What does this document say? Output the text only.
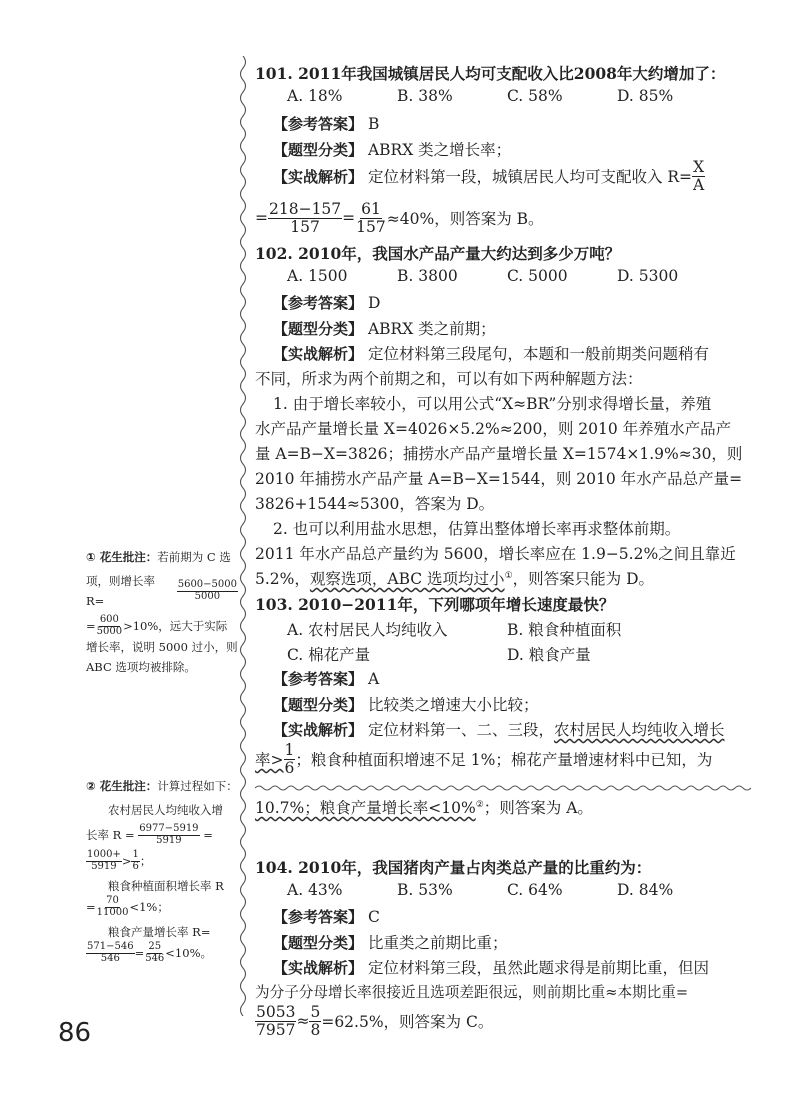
101. 2011年我国城镇居民人均可支配收入比2008年大约增加了：
A. 18%	B. 38%	C. 58%	D. 85%
【参考答案】 B
【题型分类】 ABRX 类之增长率；
【实战解析】
定位材料第一段，城镇居民人均可支配收入 $R= \frac{X}{A}$
= $\frac{218-157}{157} = \frac{61}{157} \approx 40\%$，则答案为 B。
102. 2010年，我国水产品产量大约达到多少万吨？
A. 1500	B. 3800	C. 5000	D. 5300
【参考答案】 D
【题型分类】 ABRX 类之前期；
【实战解析】 定位材料第三段尾句，本题和一般前期类问题稍有
不同，所求为两个前期之和，可以有如下两种解题方法：
1. 由于增长率较小，可以用公式“X≈BR”分别求得增长量，养殖
水产品产量增长量 X=4026×5.2%≈200，则 2010 年养殖水产品产
量 A=B−X=3826；捕捞水产品产量增长量 X=1574×1.9%≈30，则
2010 年捕捞水产品产量 A=B−X=1544，则 2010 年水产品总产量=
3826+1544≈5300，答案为 D。
2. 也可以利用盐水思想，估算出整体增长率再求整体前期。
2011 年水产品总产量约为 5600，增长率应在 1.9−5.2%之间且靠近
5.2%，观察选项，ABC 选项均过小①，则答案只能为 D。
103. 2010−2011年，下列哪项年增长速度最快？
A. 农村居民人均纯收入	B. 粮食种植面积
C. 棉花产量	D. 粮食产量
【参考答案】 A
【题型分类】 比较类之增速大小比较；
【实战解析】 定位材料第一、二、三段，农村居民人均纯收入增长
率> $\frac{1}{6}$ ；粮食种植面积增速不足 1%；棉花产量增速材料中已知，为
10.7%；粮食产量增长率<10%②；则答案为 A。
104. 2010年，我国猪肉产量占肉类总产量的比重约为：
A. 43%	B. 53%	C. 64%	D. 84%
【参考答案】 C
【题型分类】 比重类之前期比重；
【实战解析】 定位材料第三段，虽然此题求得是前期比重，但因
为分子分母增长率很接近且选项差距很远，则前期比重≈本期比重=
$\frac{5053}{7957} \approx \frac{5}{8} =62.5\%$，则答案为 C。
① 花生批注：若前期为 C 选
项，则增长率 R=	$\frac{5600-5000}{5000}$
= $\frac{600}{5000} >10\%$，远大于实际
增长率，说明 5000 过小，则
ABC 选项均被排除。
② 花生批注：计算过程如下：
农村居民人均纯收入增
长率 R =
$\frac{6977-5919}{5919}$
=
$\frac{1000+}{5919} > \frac{1}{6}$ ；
粮食种植面积增长率 R
= $\frac{70}{11000} <1\%$；
粮食产量增长率 R=
$\frac{571-546}{546} = \frac{25}{546} <10\%$。
86
